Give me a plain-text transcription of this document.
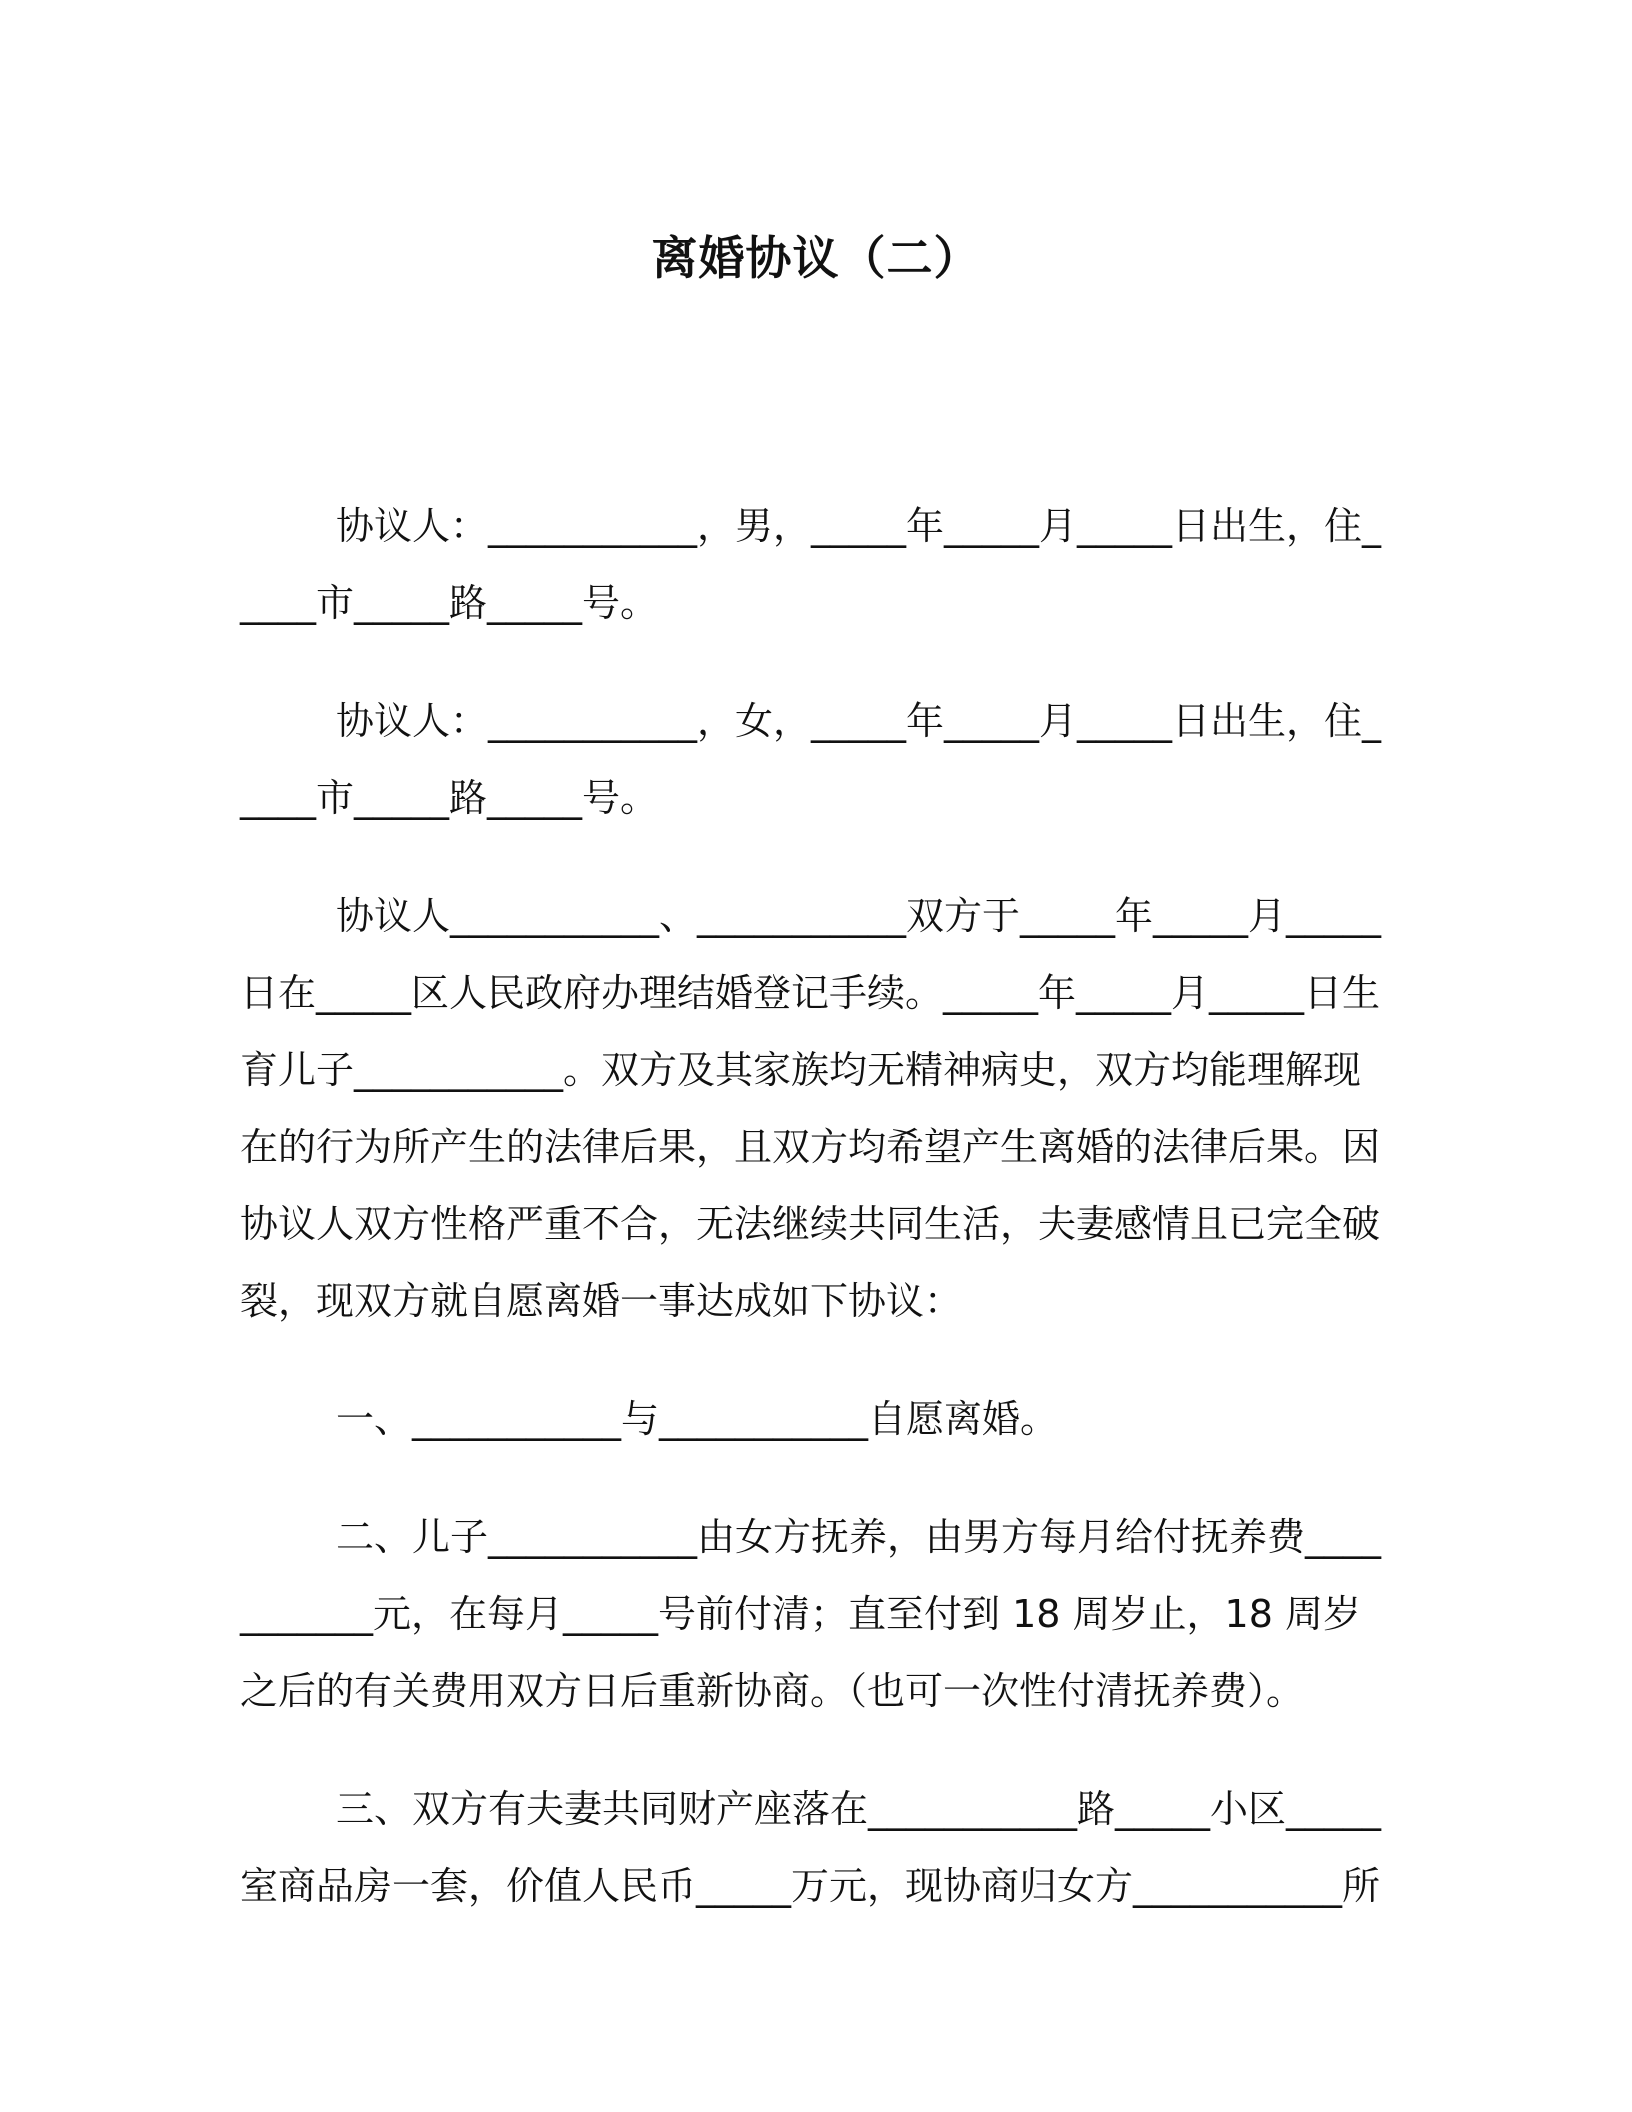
离婚协议（二）

协议人：___________，男，_____年_____月_____日出生，住_____市_____路_____号。

协议人：___________，女，_____年_____月_____日出生，住_____市_____路_____号。

协议人___________、___________双方于_____年_____月_____日在_____区人民政府办理结婚登记手续。_____年_____月_____日生育儿子___________。双方及其家族均无精神病史，双方均能理解现在的行为所产生的法律后果，且双方均希望产生离婚的法律后果。因协议人双方性格严重不合，无法继续共同生活，夫妻感情且已完全破裂，现双方就自愿离婚一事达成如下协议：

一、___________与___________自愿离婚。

二、儿子___________由女方抚养，由男方每月给付抚养费___________元，在每月_____号前付清；直至付到 18 周岁止，18 周岁之后的有关费用双方日后重新协商。（也可一次性付清抚养费）。

三、双方有夫妻共同财产座落在___________路_____小区_____室商品房一套，价值人民币_____万元，现协商归女方___________所
